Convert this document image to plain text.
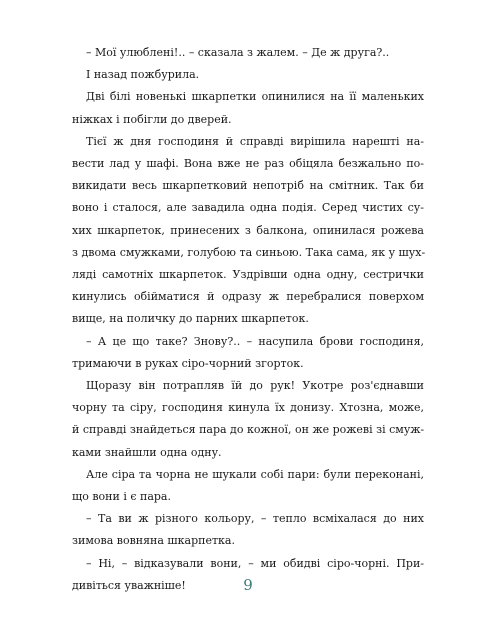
– Мої улюблені!.. – сказала з жалем. – Де ж друга?..
І назад пожбурила.
Дві білі новенькі шкарпетки опинилися на її маленьких
ніжках і побігли до дверей.
Тієї ж дня господиня й справді вирішила нарешті на-
вести лад у шафі. Вона вже не раз обіцяла безжально по-
викидати весь шкарпетковий непотріб на смітник. Так би
воно і сталося, але завадила одна подія. Серед чистих су-
хих шкарпеток, принесених з балкона, опинилася рожева
з двома смужками, голубою та синьою. Така сама, як у шух-
ляді самотніх шкарпеток. Уздрівши одна одну, сестрички
кинулись обійматися й одразу ж перебралися поверхом
вище, на поличку до парних шкарпеток.
– А це що таке? Знову?.. – насупила брови господиня,
тримаючи в руках сіро-чорний згорток.
Щоразу він потрапляв їй до рук! Укотре роз'єднавши
чорну та сіру, господиня кинула їх донизу. Хтозна, може,
й справді знайдеться пара до кожної, он же рожеві зі смуж-
ками знайшли одна одну.
Але сіра та чорна не шукали собі пари: були переконані,
що вони і є пара.
– Та ви ж різного кольору, – тепло всміхалася до них
зимова вовняна шкарпетка.
– Ні, – відказували вони, – ми обидві сіро-чорні. При-
дивіться уважніше!	9
